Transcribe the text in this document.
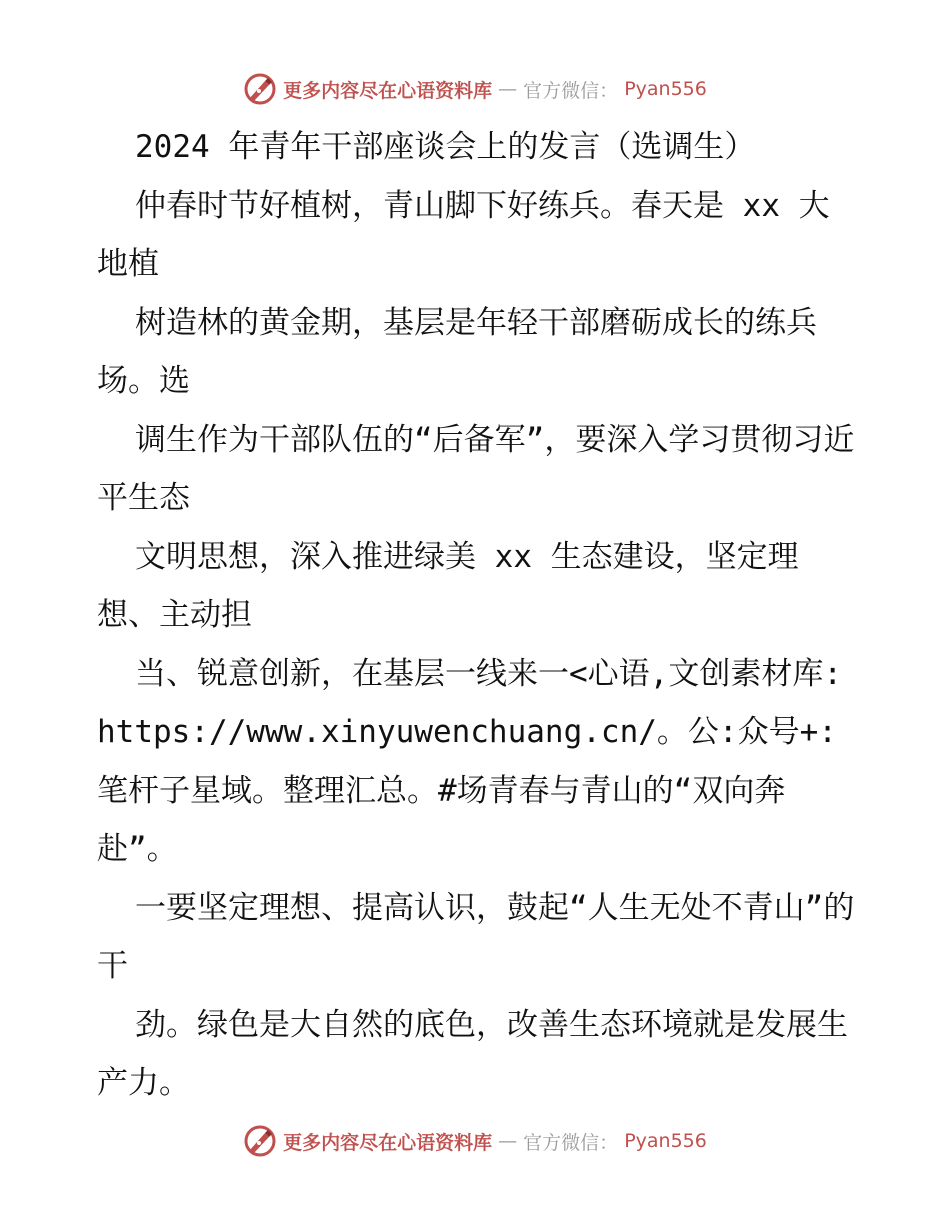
更多内容尽在心语资料库 — 官方微信： Pyan556

2024 年青年干部座谈会上的发言（选调生）

仲春时节好植树，青山脚下好练兵。春天是 xx 大地植

树造林的黄金期，基层是年轻干部磨砺成长的练兵场。选

调生作为干部队伍的“后备军”，要深入学习贯彻习近平生态

文明思想，深入推进绿美 xx 生态建设，坚定理想、主动担

当、锐意创新，在基层一线来一<心语,文创素材库: https://www.xinyuwenchuang.cn/。公:众号+: 笔杆子星域。整理汇总。#场青春与青山的“双向奔赴”。

一要坚定理想、提高认识，鼓起“人生无处不青山”的干

劲。绿色是大自然的底色，改善生态环境就是发展生产力。

更多内容尽在心语资料库 — 官方微信： Pyan556
